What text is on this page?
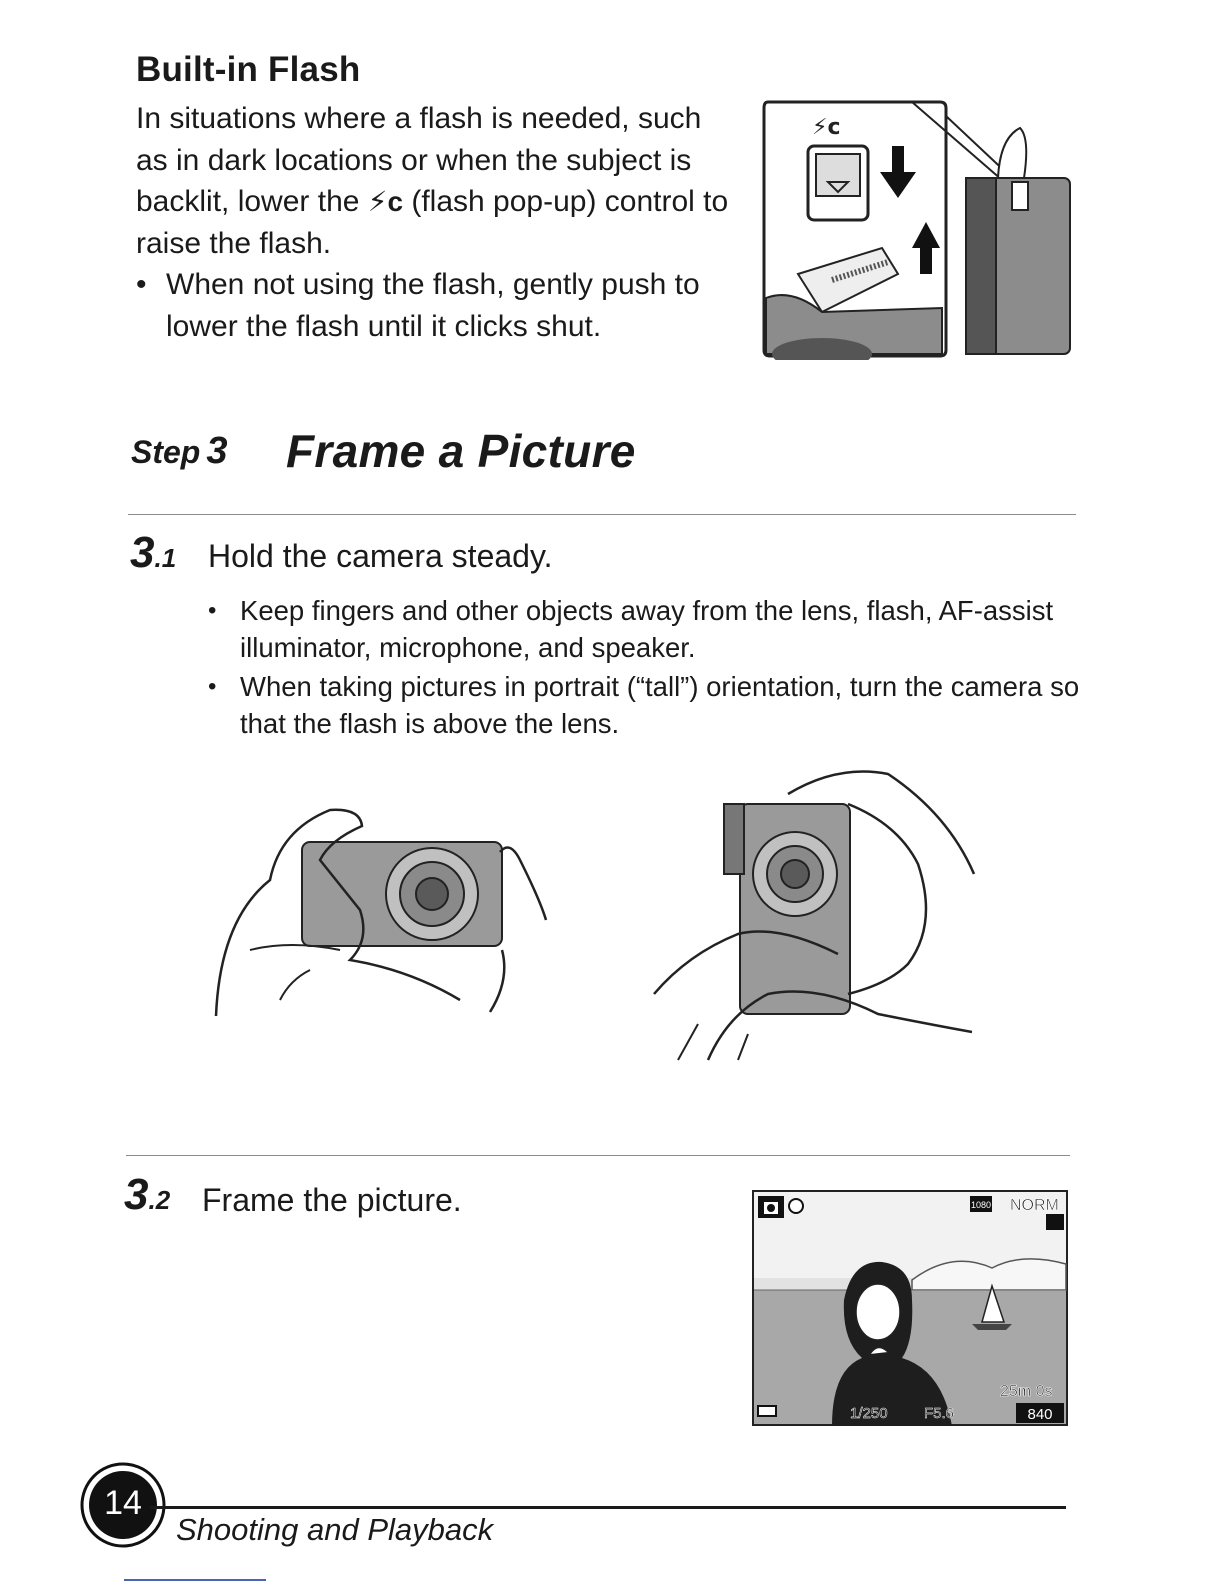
Built-in Flash

In situations where a flash is needed, such as in dark locations or when the subject is backlit, lower the ⚡ᴄ (flash pop-up) control to raise the flash.

• When not using the flash, gently push to lower the flash until it clicks shut.

⚡ᴄ
Step 3 Frame a Picture
3.1 Hold the camera steady.
• Keep fingers and other objects away from the lens, flash, AF-assist illuminator, microphone, and speaker.
• When taking pictures in portrait (“tall”) orientation, turn the camera so that the flash is above the lens.
3.2 Frame the picture.	1080 NORM
25m 0s
1/250 F5.6	840
14
Shooting and Playback
